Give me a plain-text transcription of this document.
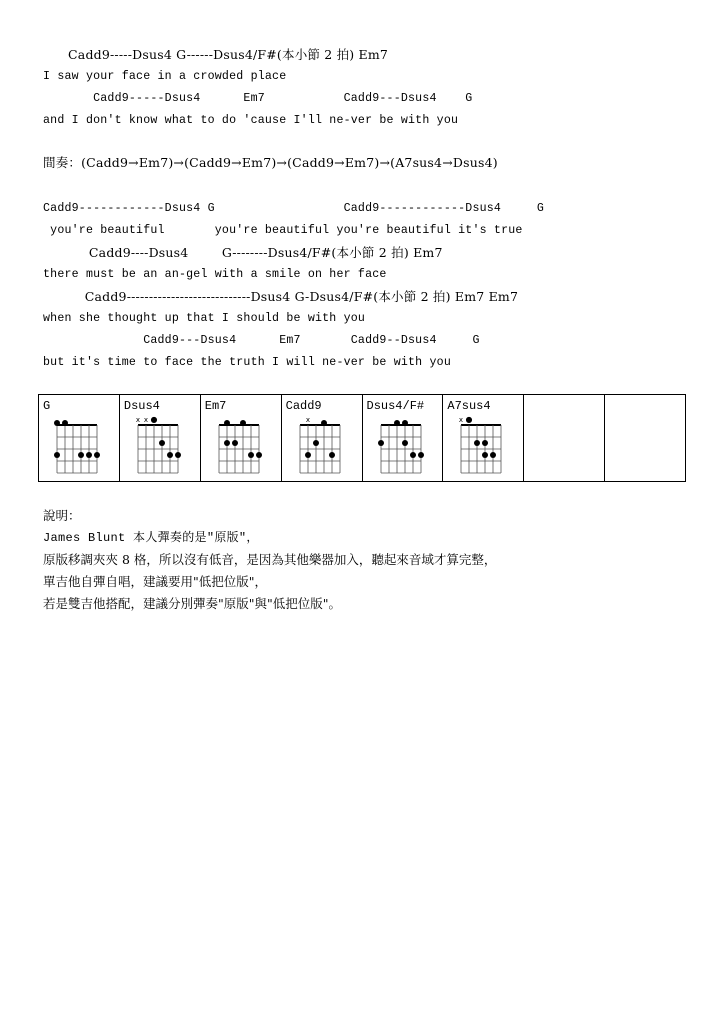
Cadd9-----Dsus4 G------Dsus4/F#(本小節 2 拍) Em7
I saw your face in a crowded place
Cadd9-----Dsus4      Em7           Cadd9---Dsus4    G
and I don't know what to do 'cause I'll ne-ver be with you
間奏：(Cadd9→Em7)→(Cadd9→Em7)→(Cadd9→Em7)→(A7sus4→Dsus4)
Cadd9------------Dsus4 G                  Cadd9------------Dsus4     G
you're beautiful       you're beautiful you're beautiful it's true
Cadd9----Dsus4        G--------Dsus4/F#(本小節 2 拍) Em7
there must be an an-gel with a smile on her face
Cadd9----------------------------Dsus4 G-Dsus4/F#(本小節 2 拍) Em7 Em7
when she thought up that I should be with you
Cadd9---Dsus4      Em7       Cadd9--Dsus4     G
but it's time to face the truth I will ne-ver be with you
G	Dsus4
x x ●

Em7	Cadd9
x

Dsus4/F#	A7sus4
x ●

說明：
James Blunt 本人彈奏的是"原版"，
原版移調夾夾 8 格，所以沒有低音，是因為其他樂器加入，聽起來音域才算完整，
單吉他自彈自唱，建議要用"低把位版"，
若是雙吉他搭配，建議分別彈奏"原版"與"低把位版"。
